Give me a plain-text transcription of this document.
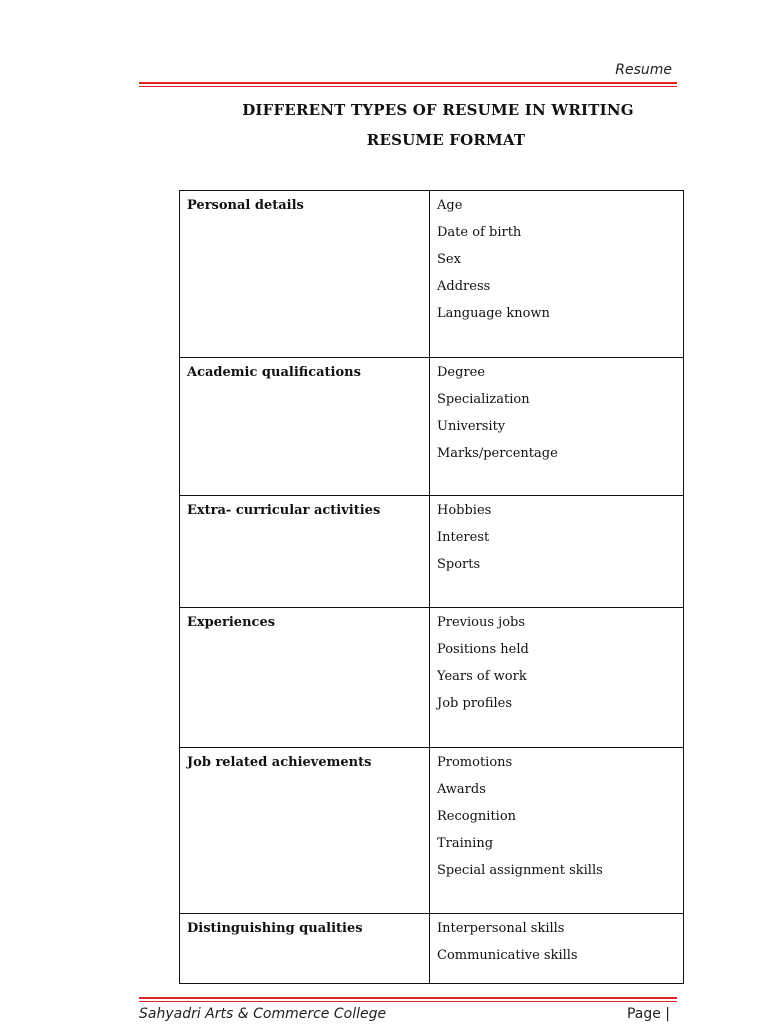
Resume
DIFFERENT TYPES OF RESUME IN WRITING
RESUME FORMAT
Personal details	Age
Date of birth
Sex
Address
Language known

Academic qualifications	Degree
Specialization
University
Marks/percentage

Extra- curricular activities	Hobbies
Interest
Sports

Experiences	Previous jobs
Positions held
Years of work
Job profiles

Job related achievements	Promotions
Awards
Recognition
Training
Special assignment skills

Distinguishing qualities	Interpersonal skills
Communicative skills
Sahyadri Arts & Commerce College	Page |
